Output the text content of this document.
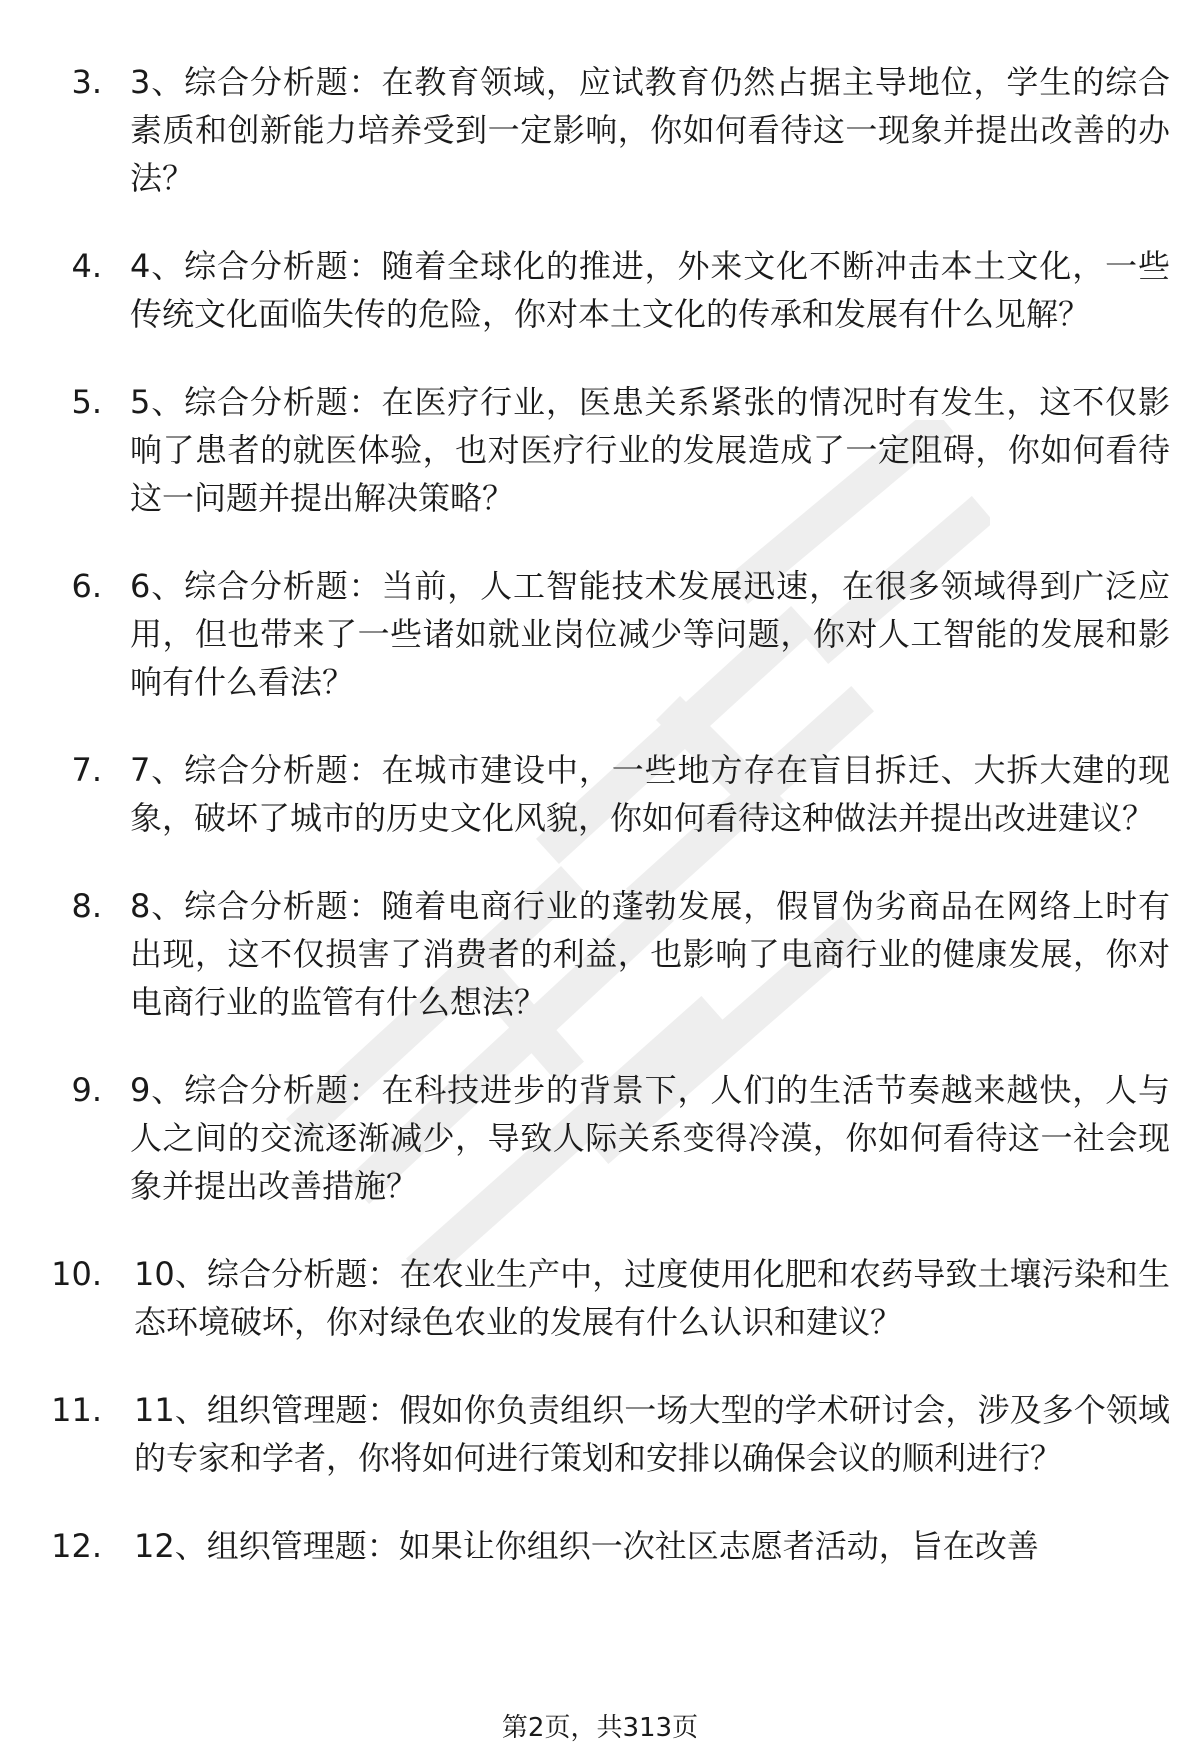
3. 3、综合分析题：在教育领域，应试教育仍然占据主导地位，学生的综合素质和创新能力培养受到一定影响，你如何看待这一现象并提出改善的办法？
4. 4、综合分析题：随着全球化的推进，外来文化不断冲击本土文化，一些传统文化面临失传的危险，你对本土文化的传承和发展有什么见解？
5. 5、综合分析题：在医疗行业，医患关系紧张的情况时有发生，这不仅影响了患者的就医体验，也对医疗行业的发展造成了一定阻碍，你如何看待这一问题并提出解决策略？
6. 6、综合分析题：当前，人工智能技术发展迅速，在很多领域得到广泛应用，但也带来了一些诸如就业岗位减少等问题，你对人工智能的发展和影响有什么看法？
7. 7、综合分析题：在城市建设中，一些地方存在盲目拆迁、大拆大建的现象，破坏了城市的历史文化风貌，你如何看待这种做法并提出改进建议？
8. 8、综合分析题：随着电商行业的蓬勃发展，假冒伪劣商品在网络上时有出现，这不仅损害了消费者的利益，也影响了电商行业的健康发展，你对电商行业的监管有什么想法？
9. 9、综合分析题：在科技进步的背景下，人们的生活节奏越来越快，人与人之间的交流逐渐减少，导致人际关系变得冷漠，你如何看待这一社会现象并提出改善措施？
10. 10、综合分析题：在农业生产中，过度使用化肥和农药导致土壤污染和生态环境破坏，你对绿色农业的发展有什么认识和建议？
11. 11、组织管理题：假如你负责组织一场大型的学术研讨会，涉及多个领域的专家和学者，你将如何进行策划和安排以确保会议的顺利进行？
12. 12、组织管理题：如果让你组织一次社区志愿者活动，旨在改善
第2页，共313页
